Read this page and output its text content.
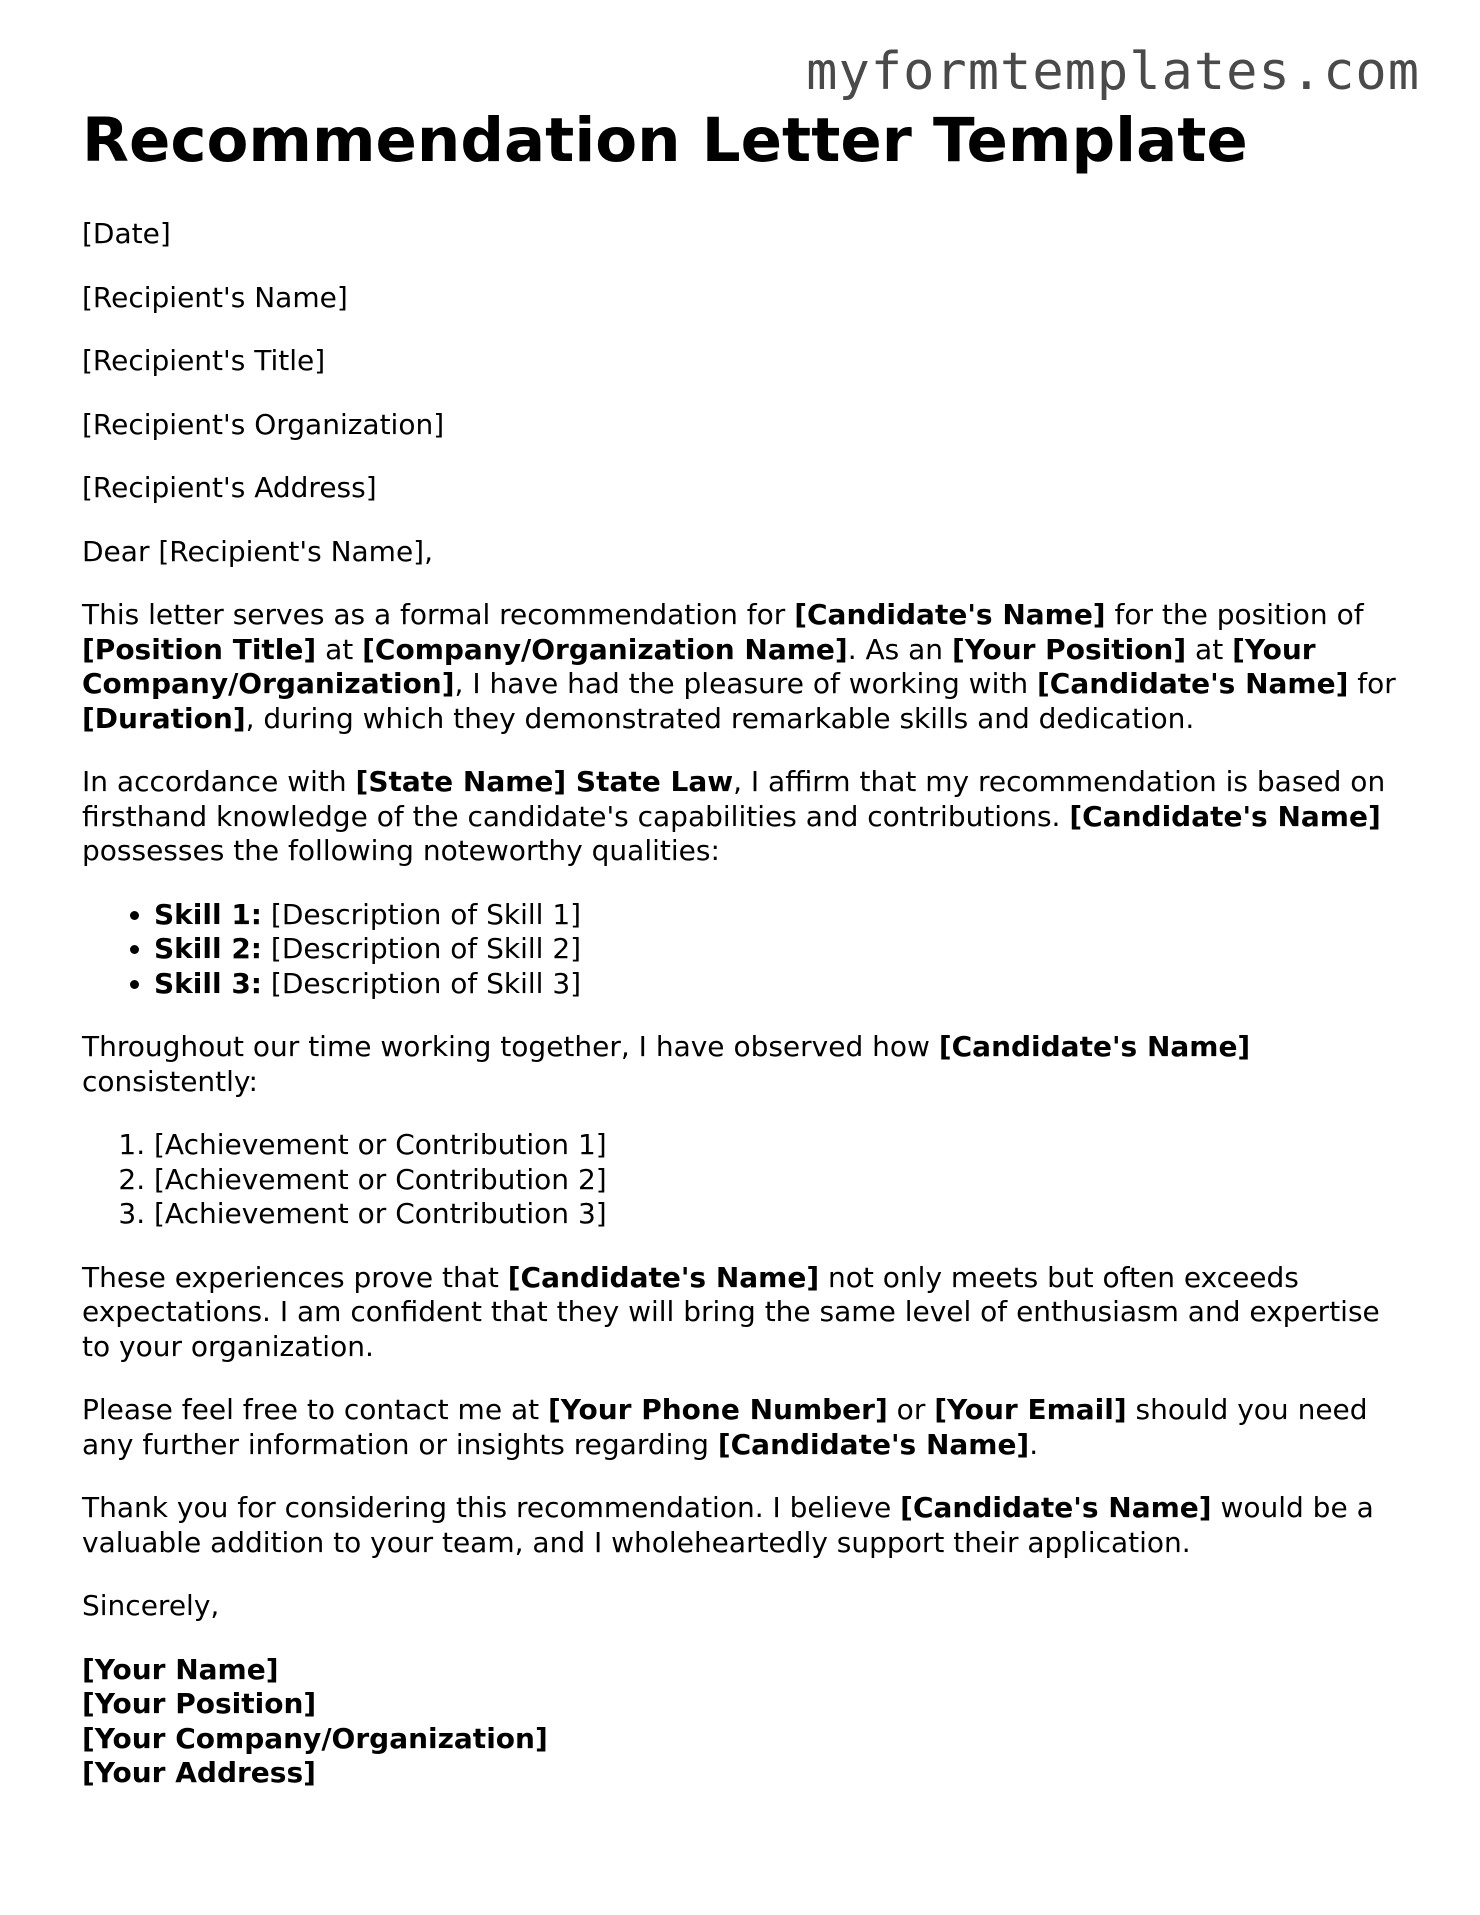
myformtemplates.com
Recommendation Letter Template

[Date]

[Recipient's Name]

[Recipient's Title]

[Recipient's Organization]

[Recipient's Address]

Dear [Recipient's Name],

This letter serves as a formal recommendation for [Candidate's Name] for the position of [Position Title] at [Company/Organization Name]. As an [Your Position] at [Your Company/Organization], I have had the pleasure of working with [Candidate's Name] for [Duration], during which they demonstrated remarkable skills and dedication.

In accordance with [State Name] State Law, I affirm that my recommendation is based on firsthand knowledge of the candidate's capabilities and contributions. [Candidate's Name] possesses the following noteworthy qualities:

• Skill 1: [Description of Skill 1]
• Skill 2: [Description of Skill 2]
• Skill 3: [Description of Skill 3]

Throughout our time working together, I have observed how [Candidate's Name] consistently:

1. [Achievement or Contribution 1]
2. [Achievement or Contribution 2]
3. [Achievement or Contribution 3]

These experiences prove that [Candidate's Name] not only meets but often exceeds expectations. I am confident that they will bring the same level of enthusiasm and expertise to your organization.

Please feel free to contact me at [Your Phone Number] or [Your Email] should you need any further information or insights regarding [Candidate's Name].

Thank you for considering this recommendation. I believe [Candidate's Name] would be a valuable addition to your team, and I wholeheartedly support their application.

Sincerely,

[Your Name]
[Your Position]
[Your Company/Organization]
[Your Address]
